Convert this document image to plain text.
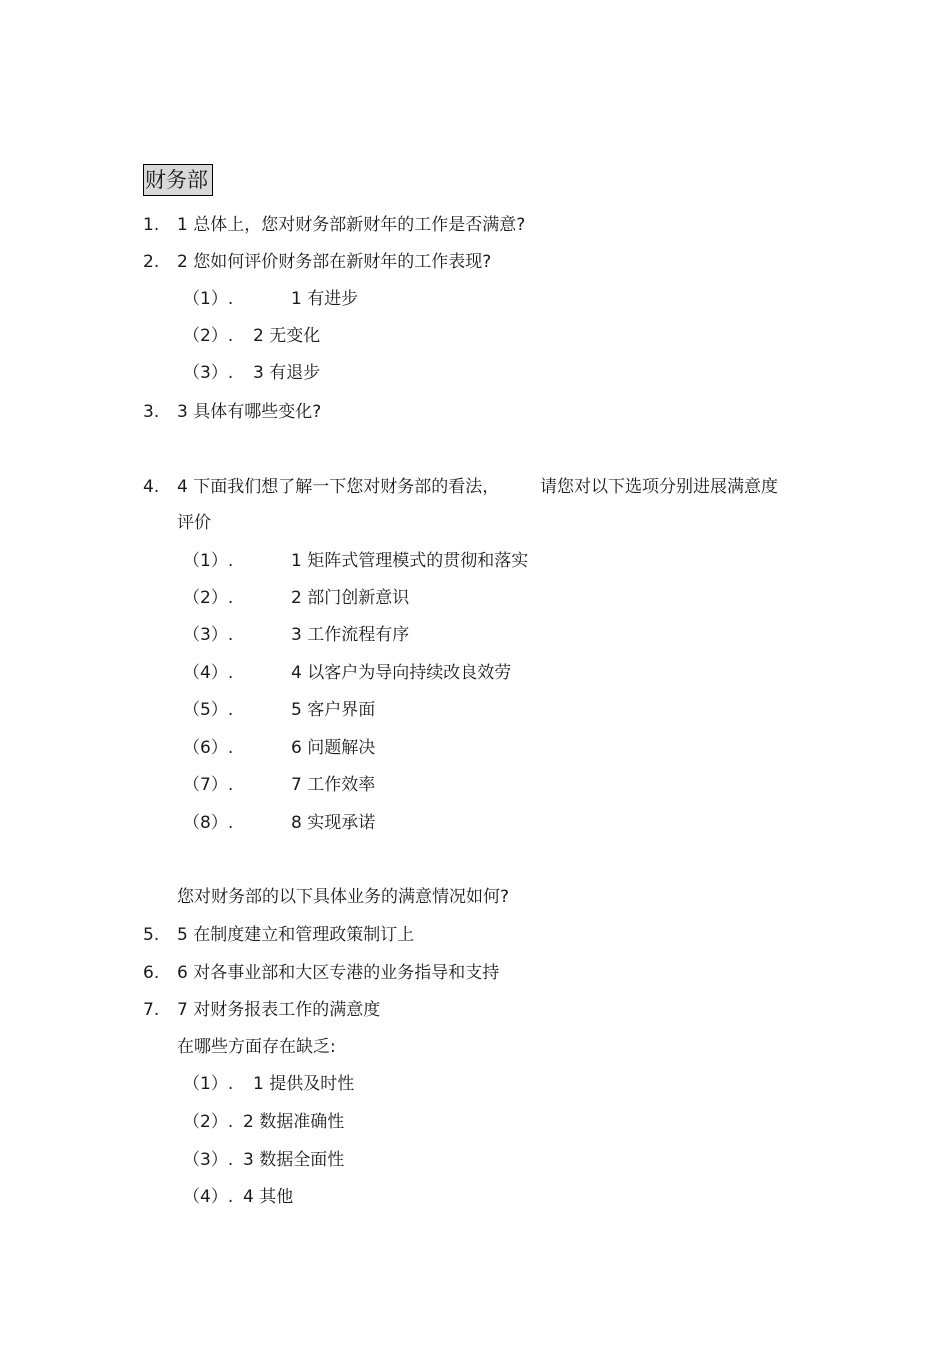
财务部
1. 1 总体上，您对财务部新财年的工作是否满意?
2. 2 您如何评价财务部在新财年的工作表现?
（1）.	1 有进步
（2）. 2 无变化
（3）. 3 有退步
3. 3 具体有哪些变化?
4. 4 下面我们想了解一下您对财务部的看法， 请您对以下选项分别进展满意度
评价
（1）.	1 矩阵式管理模式的贯彻和落实
（2）.	2 部门创新意识
（3）.	3 工作流程有序
（4）.	4 以客户为导向持续改良效劳
（5）.	5 客户界面
（6）.	6 问题解决
（7）.	7 工作效率
（8）.	8 实现承诺
您对财务部的以下具体业务的满意情况如何?
5. 5 在制度建立和管理政策制订上
6. 6 对各事业部和大区专港的业务指导和支持
7. 7 对财务报表工作的满意度
在哪些方面存在缺乏:
（1）. 1 提供及时性
（2）. 2 数据准确性
（3）. 3 数据全面性
（4）. 4 其他
